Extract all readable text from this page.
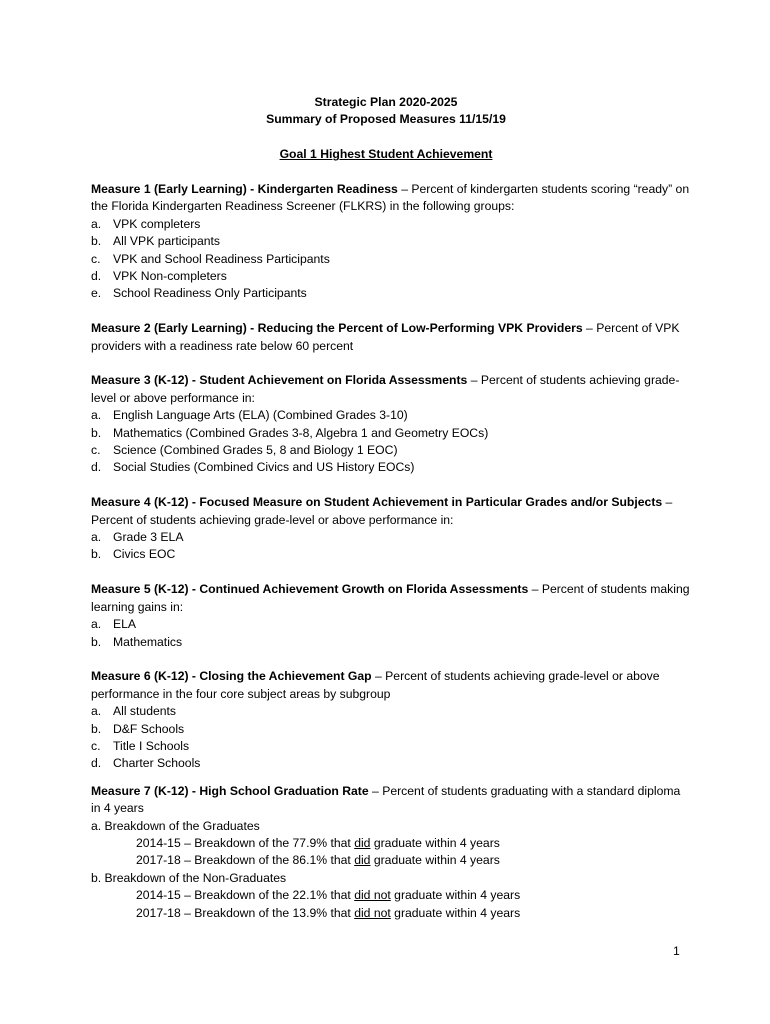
Strategic Plan 2020-2025
Summary of Proposed Measures 11/15/19
Goal 1 Highest Student Achievement
Measure 1 (Early Learning) - Kindergarten Readiness – Percent of kindergarten students scoring “ready” on the Florida Kindergarten Readiness Screener (FLKRS) in the following groups:
a. VPK completers
b. All VPK participants
c. VPK and School Readiness Participants
d. VPK Non-completers
e. School Readiness Only Participants
Measure 2 (Early Learning) - Reducing the Percent of Low-Performing VPK Providers – Percent of VPK providers with a readiness rate below 60 percent
Measure 3 (K-12) - Student Achievement on Florida Assessments – Percent of students achieving grade-level or above performance in:
a. English Language Arts (ELA) (Combined Grades 3-10)
b. Mathematics (Combined Grades 3-8, Algebra 1 and Geometry EOCs)
c. Science (Combined Grades 5, 8 and Biology 1 EOC)
d. Social Studies (Combined Civics and US History EOCs)
Measure 4 (K-12) - Focused Measure on Student Achievement in Particular Grades and/or Subjects – Percent of students achieving grade-level or above performance in:
a. Grade 3 ELA
b. Civics EOC
Measure 5 (K-12) - Continued Achievement Growth on Florida Assessments – Percent of students making learning gains in:
a. ELA
b. Mathematics
Measure 6 (K-12) - Closing the Achievement Gap – Percent of students achieving grade-level or above performance in the four core subject areas by subgroup
a. All students
b. D&F Schools
c. Title I Schools
d. Charter Schools
Measure 7 (K-12) - High School Graduation Rate – Percent of students graduating with a standard diploma in 4 years
a. Breakdown of the Graduates
2014-15 – Breakdown of the 77.9% that did graduate within 4 years
2017-18 – Breakdown of the 86.1% that did graduate within 4 years
b. Breakdown of the Non-Graduates
2014-15 – Breakdown of the 22.1% that did not graduate within 4 years
2017-18 – Breakdown of the 13.9% that did not graduate within 4 years
1
